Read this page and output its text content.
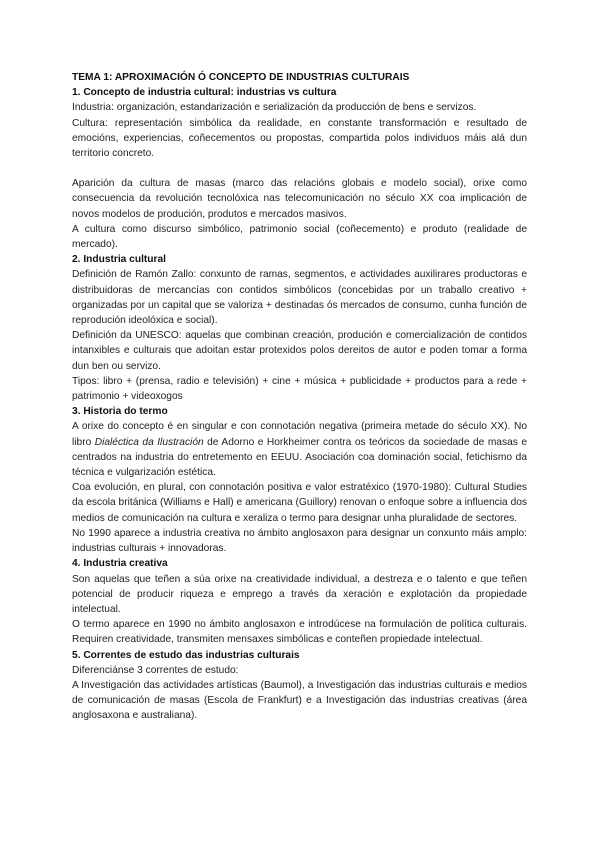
TEMA 1: APROXIMACIÓN Ó CONCEPTO DE INDUSTRIAS CULTURAIS
1. Concepto de industria cultural: industrias vs cultura

Industria: organización, estandarización e serialización da producción de bens e servizos.

Cultura: representación simbólica da realidade, en constante transformación e resultado de emocións, experiencias, coñecementos ou propostas, compartida polos individuos máis alá dun territorio concreto.

Aparición da cultura de masas (marco das relacións globais e modelo social), orixe como consecuencia da revolución tecnolóxica nas telecomunicación no século XX coa implicación de novos modelos de produción, produtos e mercados masivos.

A cultura como discurso simbólico, patrimonio social (coñecemento) e produto (realidade de mercado).

2. Industria cultural

Definición de Ramón Zallo: conxunto de ramas, segmentos, e actividades auxilirares productoras e distribuidoras de mercancías con contidos simbólicos (concebidas por un traballo creativo + organizadas por un capital que se valoriza + destinadas ós mercados de consumo, cunha función de reprodución ideolóxica e social).

Definición da UNESCO: aquelas que combinan creación, produción e comercialización de contidos intanxibles e culturais que adoitan estar protexidos polos dereitos de autor e poden tomar a forma dun ben ou servizo.

Tipos: libro + (prensa, radio e televisión) + cine + música + publicidade + productos para a rede + patrimonio + videoxogos

3. Historia do termo

A orixe do concepto é en singular e con connotación negativa (primeira metade do século XX). No libro Dialéctica da Ilustración de Adorno e Horkheimer contra os teóricos da sociedade de masas e centrados na industria do entretemento en EEUU. Asociación coa dominación social, fetichismo da técnica e vulgarización estética.

Coa evolución, en plural, con connotación positiva e valor estratéxico (1970-1980): Cultural Studies da escola británica (Williams e Hall) e americana (Guillory) renovan o enfoque sobre a influencia dos medios de comunicación na cultura e xeraliza o termo para designar unha pluralidade de sectores.

No 1990 aparece a industria creativa no ámbito anglosaxon para designar un conxunto máis amplo: industrias culturais + innovadoras.

4. Industria creativa

Son aquelas que teñen a súa orixe na creatividade individual, a destreza e o talento e que teñen potencial de producir riqueza e emprego a través da xeración e explotación da propiedade intelectual.

O termo aparece en 1990 no ámbito anglosaxon e introdúcese na formulación de política culturais. Requiren creatividade, transmiten mensaxes simbólicas e conteñen propiedade intelectual.

5. Correntes de estudo das industrias culturais

Diferenciánse 3 correntes de estudo:

A Investigación das actividades artísticas (Baumol), a Investigación das industrias culturais e medios de comunicación de masas (Escola de Frankfurt) e a Investigación das industrias creativas (área anglosaxona e australiana).
